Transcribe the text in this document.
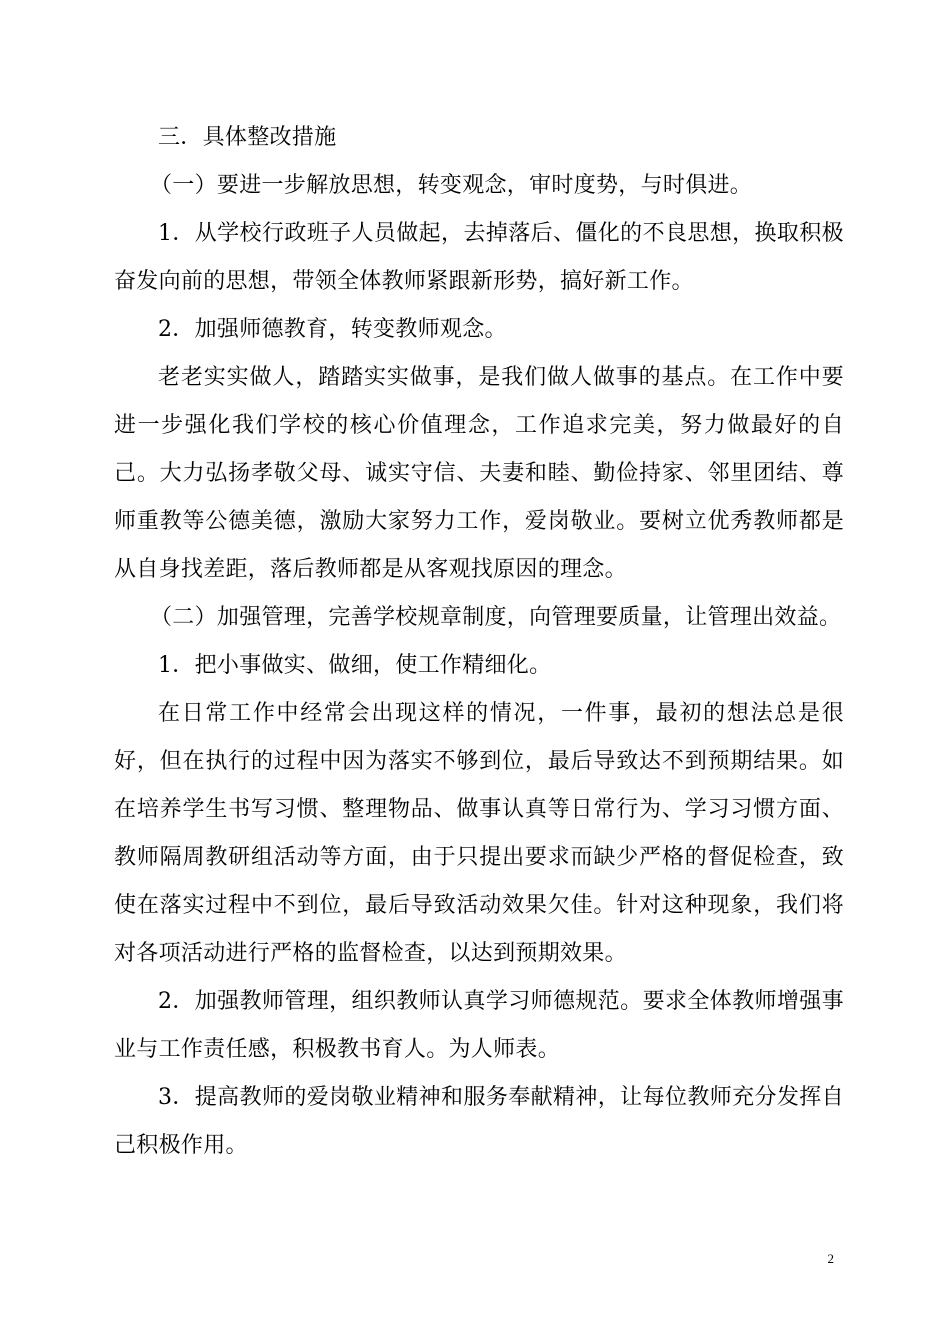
三．具体整改措施

（一）要进一步解放思想，转变观念，审时度势，与时俱进。

1．从学校行政班子人员做起，去掉落后、僵化的不良思想，换取积极奋发向前的思想，带领全体教师紧跟新形势，搞好新工作。

2．加强师德教育，转变教师观念。

老老实实做人，踏踏实实做事，是我们做人做事的基点。在工作中要进一步强化我们学校的核心价值理念，工作追求完美，努力做最好的自己。大力弘扬孝敬父母、诚实守信、夫妻和睦、勤俭持家、邻里团结、尊师重教等公德美德，激励大家努力工作，爱岗敬业。要树立优秀教师都是从自身找差距，落后教师都是从客观找原因的理念。

（二）加强管理，完善学校规章制度，向管理要质量，让管理出效益。

1．把小事做实、做细，使工作精细化。

在日常工作中经常会出现这样的情况，一件事，最初的想法总是很好，但在执行的过程中因为落实不够到位，最后导致达不到预期结果。如在培养学生书写习惯、整理物品、做事认真等日常行为、学习习惯方面、教师隔周教研组活动等方面，由于只提出要求而缺少严格的督促检查，致使在落实过程中不到位，最后导致活动效果欠佳。针对这种现象，我们将对各项活动进行严格的监督检查，以达到预期效果。

2．加强教师管理，组织教师认真学习师德规范。要求全体教师增强事业与工作责任感，积极教书育人。为人师表。

3．提高教师的爱岗敬业精神和服务奉献精神，让每位教师充分发挥自己积极作用。

2
